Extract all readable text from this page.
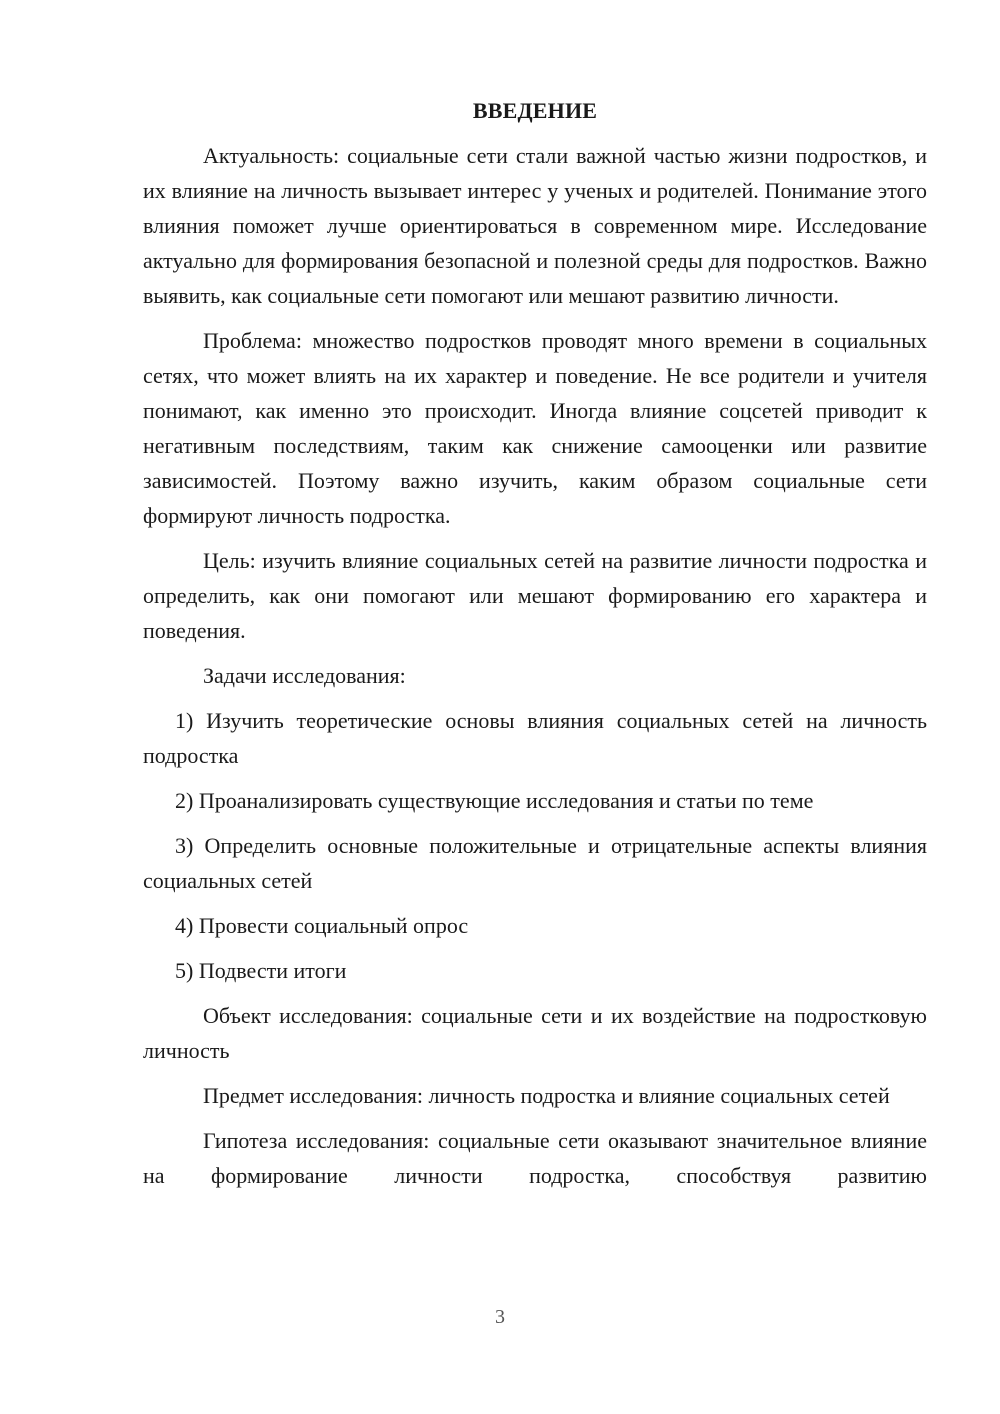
ВВЕДЕНИЕ

Актуальность: социальные сети стали важной частью жизни подростков, и их влияние на личность вызывает интерес у ученых и родителей. Понимание этого влияния поможет лучше ориентироваться в современном мире. Исследование актуально для формирования безопасной и полезной среды для подростков. Важно выявить, как социальные сети помогают или мешают развитию личности.

Проблема: множество подростков проводят много времени в социальных сетях, что может влиять на их характер и поведение. Не все родители и учителя понимают, как именно это происходит. Иногда влияние соцсетей приводит к негативным последствиям, таким как снижение самооценки или развитие зависимостей. Поэтому важно изучить, каким образом социальные сети формируют личность подростка.

Цель: изучить влияние социальных сетей на развитие личности подростка и определить, как они помогают или мешают формированию его характера и поведения.

Задачи исследования:

1) Изучить теоретические основы влияния социальных сетей на личность подростка

2) Проанализировать существующие исследования и статьи по теме

3) Определить основные положительные и отрицательные аспекты влияния социальных сетей

4) Провести социальный опрос

5) Подвести итоги

Объект исследования: социальные сети и их воздействие на подростковую личность

Предмет исследования: личность подростка и влияние социальных сетей

Гипотеза исследования: социальные сети оказывают значительное влияние на формирование личности подростка, способствуя развитию

3
